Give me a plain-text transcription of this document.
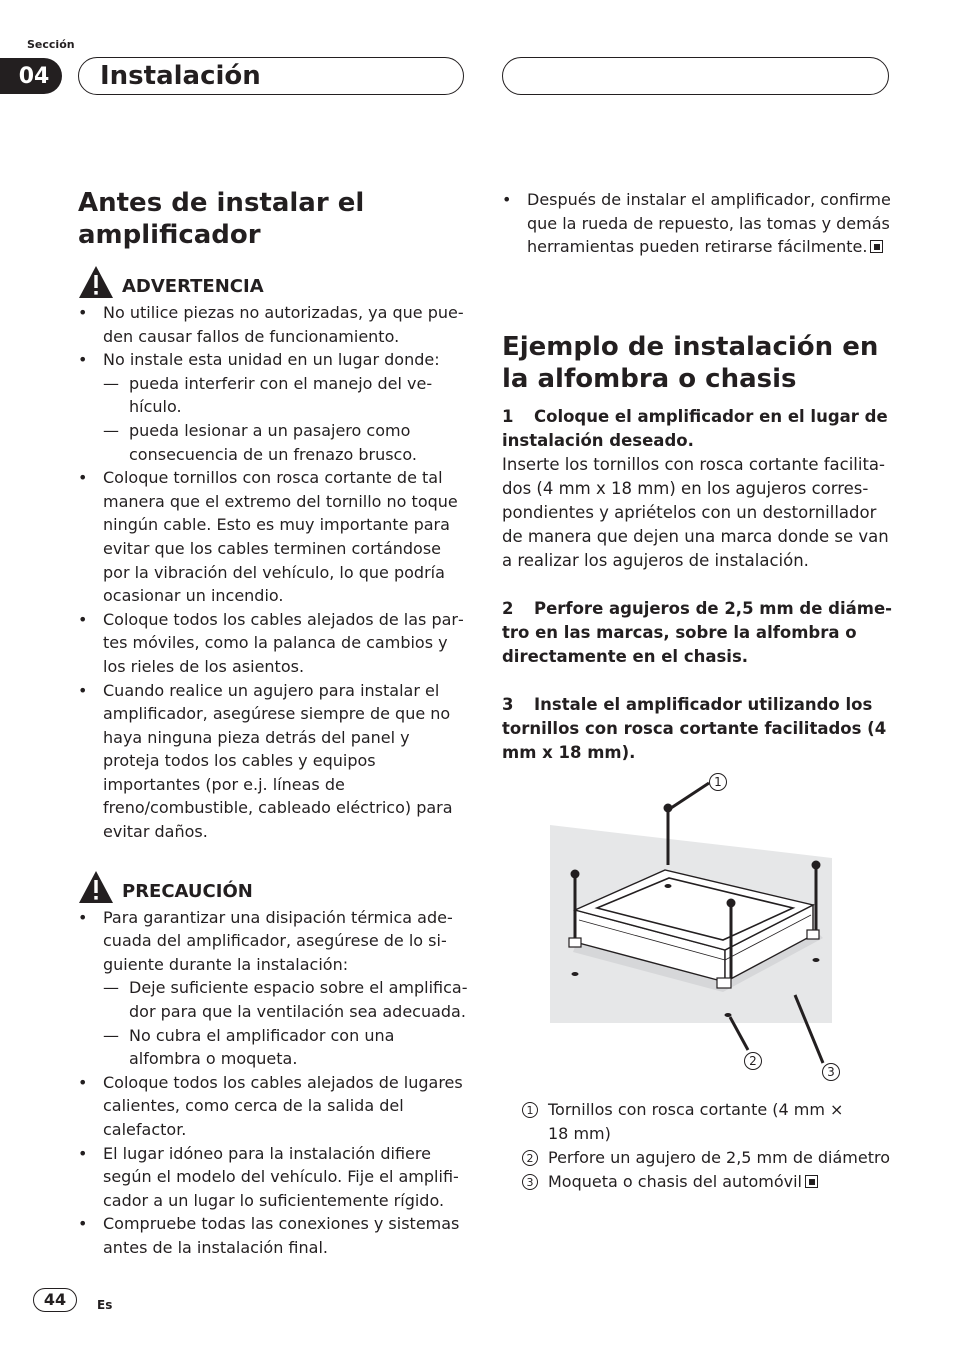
Sección
04	Instalación
Antes de instalar el amplificador
ADVERTENCIA
• No utilice piezas no autorizadas, ya que pueden causar fallos de funcionamiento.
• No instale esta unidad en un lugar donde:
— pueda interferir con el manejo del vehículo.
— pueda lesionar a un pasajero como consecuencia de un frenazo brusco.
• Coloque tornillos con rosca cortante de tal manera que el extremo del tornillo no toque ningún cable. Esto es muy importante para evitar que los cables terminen cortándose por la vibración del vehículo, lo que podría ocasionar un incendio.
• Coloque todos los cables alejados de las partes móviles, como la palanca de cambios y los rieles de los asientos.
• Cuando realice un agujero para instalar el amplificador, asegúrese siempre de que no haya ninguna pieza detrás del panel y proteja todos los cables y equipos importantes (por e.j. líneas de freno/combustible, cableado eléctrico) para evitar daños.
PRECAUCIÓN
• Para garantizar una disipación térmica adecuada del amplificador, asegúrese de lo siguiente durante la instalación:
— Deje suficiente espacio sobre el amplificador para que la ventilación sea adecuada.
— No cubra el amplificador con una alfombra o moqueta.
• Coloque todos los cables alejados de lugares calientes, como cerca de la salida del calefactor.
• El lugar idóneo para la instalación difiere según el modelo del vehículo. Fije el amplificador a un lugar lo suficientemente rígido.
• Compruebe todas las conexiones y sistemas antes de la instalación final.
• Después de instalar el amplificador, confirme que la rueda de repuesto, las tomas y demás herramientas pueden retirarse fácilmente.
Ejemplo de instalación en la alfombra o chasis
1 Coloque el amplificador en el lugar de instalación deseado.
Inserte los tornillos con rosca cortante facilitados (4 mm x 18 mm) en los agujeros correspondientes y apriételos con un destornillador de manera que dejen una marca donde se van a realizar los agujeros de instalación.
2 Perfore agujeros de 2,5 mm de diámetro en las marcas, sobre la alfombra o directamente en el chasis.
3 Instale el amplificador utilizando los tornillos con rosca cortante facilitados (4 mm x 18 mm).
1
2
3
1 Tornillos con rosca cortante (4 mm × 18 mm)
2 Perfore un agujero de 2,5 mm de diámetro
3 Moqueta o chasis del automóvil
44	Es
